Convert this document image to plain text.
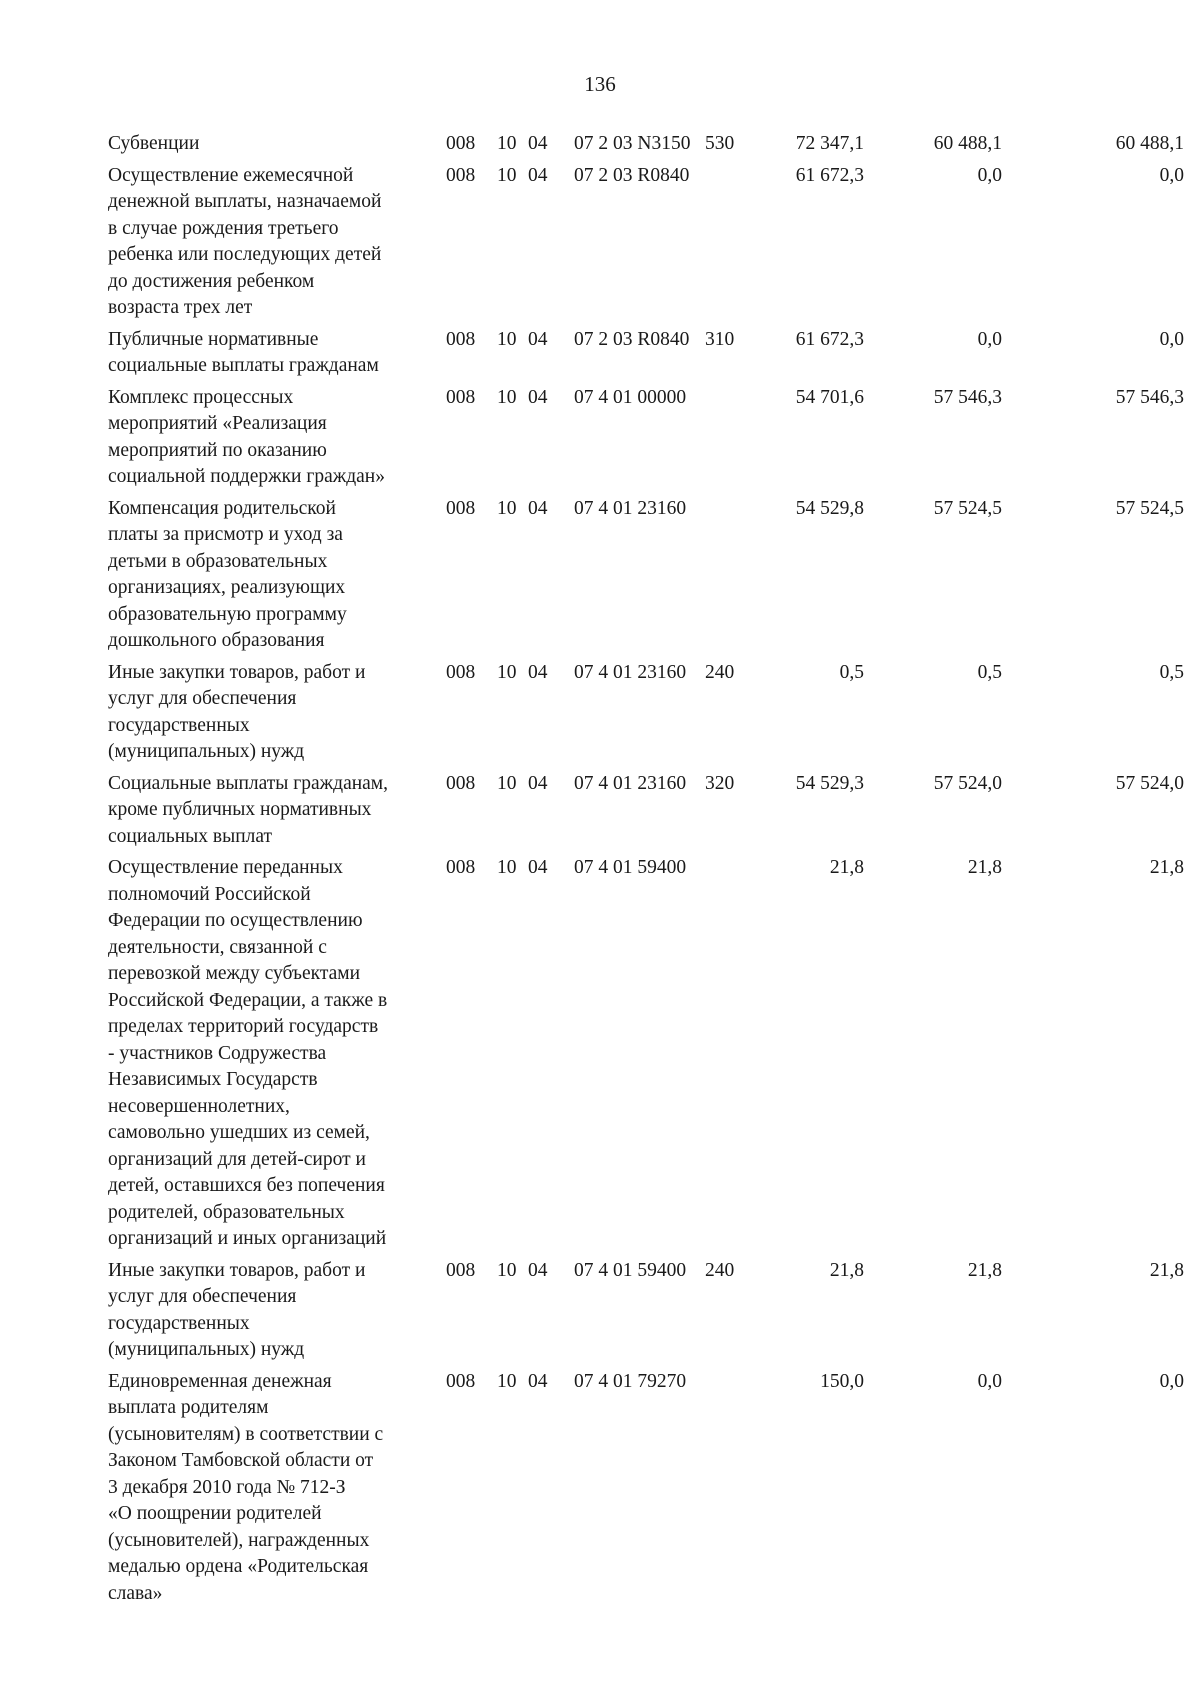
136
Субвенции	008 10 04 07 2 03 N3150 530	72 347,1	60 488,1	60 488,1
Осуществление ежемесячной
денежной выплаты, назначаемой
в случае рождения третьего
ребенка или последующих детей
до достижения ребенком
возраста трех лет
008 10 04 07 2 03 R0840	61 672,3	0,0	0,0
Публичные нормативные
социальные выплаты гражданам
008 10 04 07 2 03 R0840 310	61 672,3	0,0	0,0
Комплекс процессных
мероприятий «Реализация
мероприятий по оказанию
социальной поддержки граждан»
008 10 04 07 4 01 00000	54 701,6	57 546,3	57 546,3
Компенсация родительской
платы за присмотр и уход за
детьми в образовательных
организациях, реализующих
образовательную программу
дошкольного образования
008 10 04 07 4 01 23160	54 529,8	57 524,5	57 524,5
Иные закупки товаров, работ и
услуг для обеспечения
государственных
(муниципальных) нужд
008 10 04 07 4 01 23160 240	0,5	0,5	0,5
Социальные выплаты гражданам,
кроме публичных нормативных
социальных выплат
008 10 04 07 4 01 23160 320	54 529,3	57 524,0	57 524,0
Осуществление переданных
полномочий Российской
Федерации по осуществлению
деятельности, связанной с
перевозкой между субъектами
Российской Федерации, а также в
пределах территорий государств
- участников Содружества
Независимых Государств
несовершеннолетних,
самовольно ушедших из семей,
организаций для детей-сирот и
детей, оставшихся без попечения
родителей, образовательных
организаций и иных организаций
008 10 04 07 4 01 59400	21,8	21,8	21,8
Иные закупки товаров, работ и
услуг для обеспечения
государственных
(муниципальных) нужд
008 10 04 07 4 01 59400 240	21,8	21,8	21,8
Единовременная денежная
выплата родителям
(усыновителям) в соответствии с
Законом Тамбовской области от
3 декабря 2010 года № 712-З
«О поощрении родителей
(усыновителей), награжденных
медалью ордена «Родительская
слава»
008 10 04 07 4 01 79270	150,0	0,0	0,0
